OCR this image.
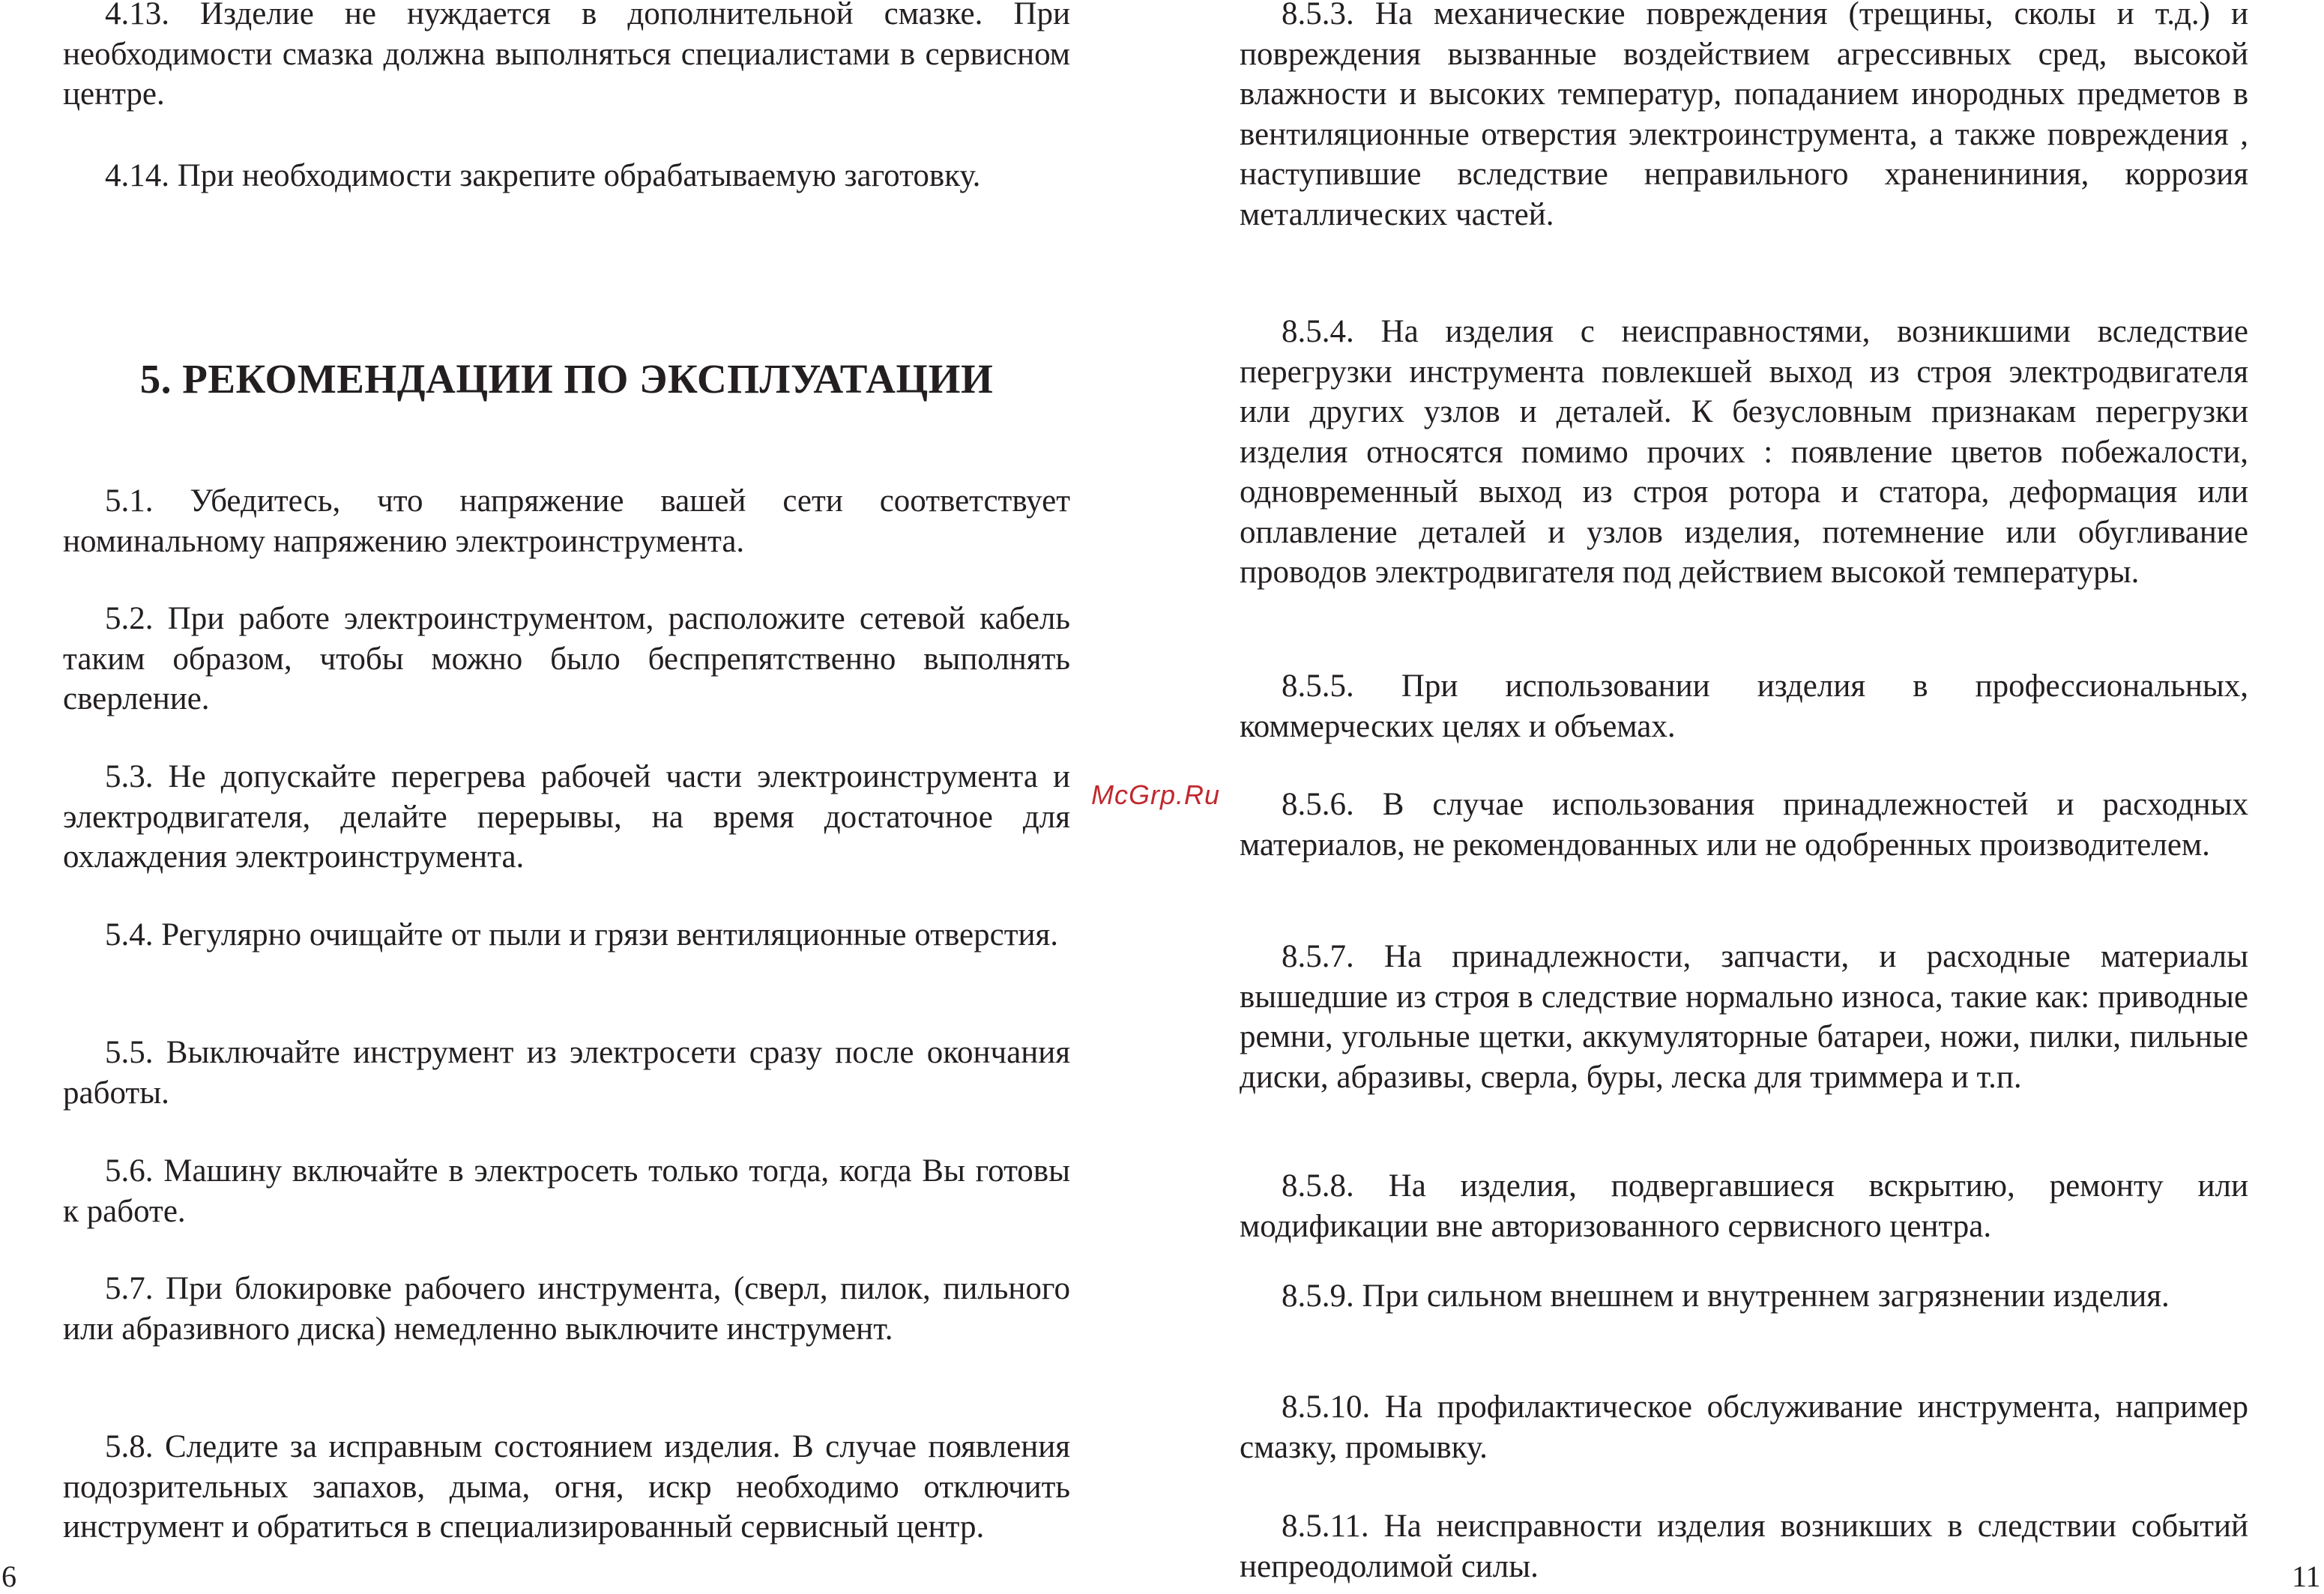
4.13. Изделие не нуждается в дополнительной смазке. При необходимости смазка должна выполняться специалистами в сервисном центре.

4.14. При необходимости закрепите обрабатываемую заготовку.

5. РЕКОМЕНДАЦИИ ПО ЭКСПЛУАТАЦИИ

5.1. Убедитесь, что напряжение вашей сети соответствует номинальному напряжению электроинструмента.

5.2. При работе электроинструментом, расположите сетевой кабель таким образом, чтобы можно было беспрепятственно выполнять сверление.

5.3. Не допускайте перегрева рабочей части электроинструмента и электродвигателя, делайте перерывы, на время достаточное для охлаждения электроинструмента.

5.4. Регулярно очищайте от пыли и грязи вентиляционные отверстия.

5.5. Выключайте инструмент из электросети сразу после окончания работы.

5.6. Машину включайте в электросеть только тогда, когда Вы готовы к работе.

5.7. При блокировке рабочего инструмента, (сверл, пилок, пильного или абразивного диска) немедленно выключите инструмент.

5.8. Следите за исправным состоянием изделия. В случае появления подозрительных запахов, дыма, огня, искр необходимо отключить инструмент и обратиться в специализированный сервисный центр.

6
McGrp.Ru

8.5.3. На механические повреждения (трещины, сколы и т.д.) и повреждения вызванные воздействием агрессивных сред, высокой влажности и высоких температур, попаданием инородных предметов в вентиляционные отверстия электроинструмента, а также повреждения , наступившие вследствие неправильного храненининия, коррозия металлических частей.

8.5.4. На изделия с неисправностями, возникшими вследствие перегрузки инструмента повлекшей выход из строя электродвигателя или других узлов и деталей. К безусловным признакам перегрузки изделия относятся помимо прочих : появление цветов побежалости, одновременный выход из строя ротора и статора, деформация или оплавление деталей и узлов изделия, потемнение или обугливание проводов электродвигателя под действием высокой температуры.

8.5.5. При использовании изделия в профессиональных, коммерческих целях и объемах.

8.5.6. В случае использования принадлежностей и расходных материалов, не рекомендованных или не одобренных производителем.

8.5.7. На принадлежности, запчасти, и расходные материалы вышедшие из строя в следствие нормально износа, такие как: приводные ремни, угольные щетки, аккумуляторные батареи, ножи, пилки, пильные диски, абразивы, сверла, буры, леска для триммера и т.п.

8.5.8. На изделия, подвергавшиеся вскрытию, ремонту или модификации вне авторизованного сервисного центра.

8.5.9. При сильном внешнем и внутреннем загрязнении изделия.

8.5.10. На профилактическое обслуживание инструмента, например смазку, промывку.

8.5.11. На неисправности изделия возникших в следствии событий непреодолимой силы.	11
